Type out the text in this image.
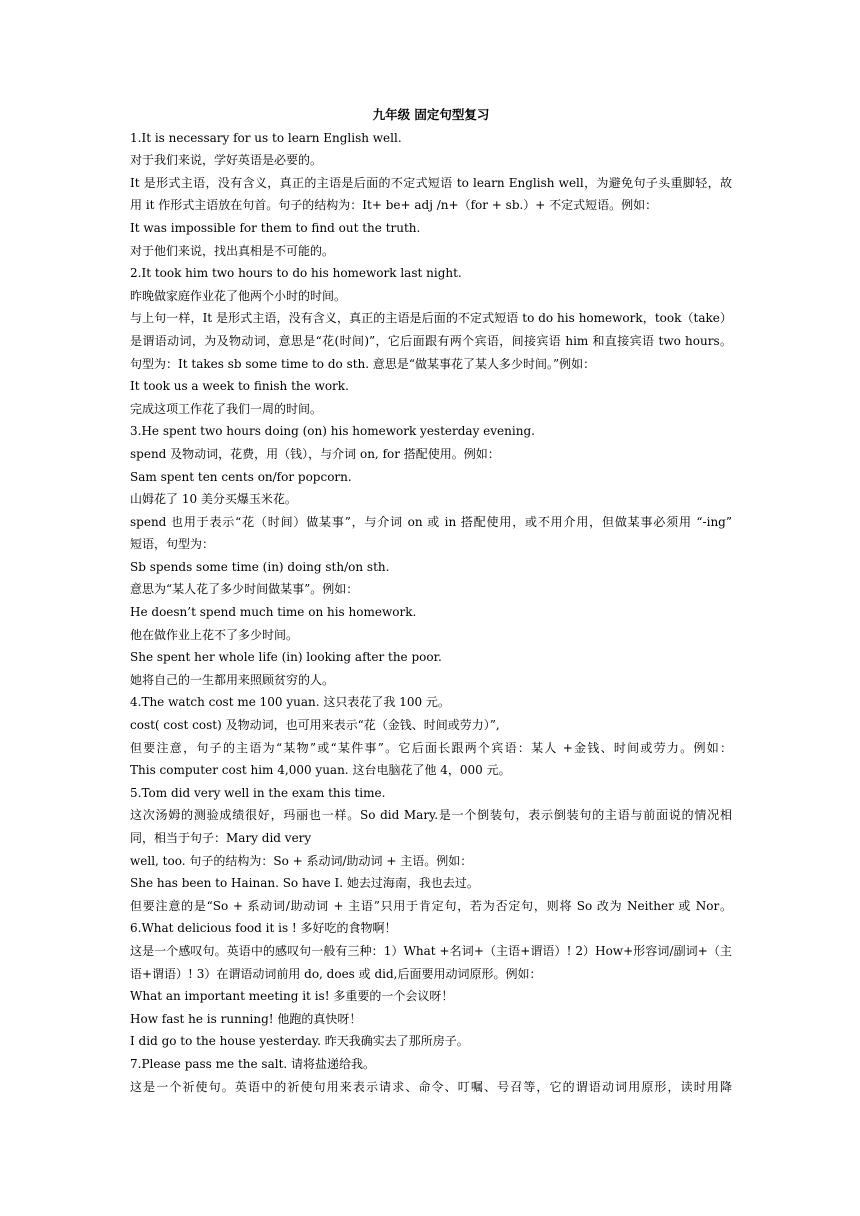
九年级 固定句型复习
1.It is necessary for us to learn English well.
对于我们来说，学好英语是必要的。
It 是形式主语，没有含义，真正的主语是后面的不定式短语 to learn English well，为避免句子头重脚轻，故
用 it 作形式主语放在句首。句子的结构为：It+ be+ adj /n+（for + sb.）+ 不定式短语。例如：
It was impossible for them to find out the truth.
对于他们来说，找出真相是不可能的。
2.It took him two hours to do his homework last night.
昨晚做家庭作业花了他两个小时的时间。
与上句一样，It 是形式主语，没有含义，真正的主语是后面的不定式短语 to do his homework，took（take）
是谓语动词，为及物动词，意思是“花(时间)”，它后面跟有两个宾语，间接宾语 him 和直接宾语 two hours。
句型为：It takes sb some time to do sth. 意思是“做某事花了某人多少时间。”例如：
It took us a week to finish the work.
完成这项工作花了我们一周的时间。
3.He spent two hours doing (on) his homework yesterday evening.
spend 及物动词，花费，用（钱），与介词 on, for 搭配使用。例如：
Sam spent ten cents on/for popcorn.
山姆花了 10 美分买爆玉米花。
spend 也用于表示“花（时间）做某事”，与介词 on 或 in 搭配使用，或不用介用，但做某事必须用 “-ing”
短语，句型为：
Sb spends some time (in) doing sth/on sth.
意思为“某人花了多少时间做某事”。例如：
He doesn’t spend much time on his homework.
他在做作业上花不了多少时间。
She spent her whole life (in) looking after the poor.
她将自己的一生都用来照顾贫穷的人。
4.The watch cost me 100 yuan. 这只表花了我 100 元。
cost( cost cost) 及物动词，也可用来表示“花（金钱、时间或劳力）”,
但要注意，句子的主语为“某物”或“某件事”。它后面长跟两个宾语：某人 +金钱、时间或劳力。例如：
This computer cost him 4,000 yuan. 这台电脑花了他 4，000 元。
5.Tom did very well in the exam this time.
这次汤姆的测验成绩很好，玛丽也一样。So did Mary.是一个倒装句，表示倒装句的主语与前面说的情况相
同，相当于句子：Mary did very
well, too. 句子的结构为：So + 系动词/助动词 + 主语。例如：
She has been to Hainan. So have I. 她去过海南，我也去过。
但要注意的是“So + 系动词/助动词 + 主语”只用于肯定句，若为否定句，则将 So 改为 Neither 或 Nor。
6.What delicious food it is ! 多好吃的食物啊！
这是一个感叹句。英语中的感叹句一般有三种：1）What +名词+（主语+谓语）! 2）How+形容词/副词+（主
语+谓语）! 3）在谓语动词前用 do, does 或 did,后面要用动词原形。例如：
What an important meeting it is! 多重要的一个会议呀！
How fast he is running! 他跑的真快呀！
I did go to the house yesterday. 昨天我确实去了那所房子。
7.Please pass me the salt. 请将盐递给我。
这是一个祈使句。英语中的祈使句用来表示请求、命令、叮嘱、号召等，它的谓语动词用原形，读时用降
